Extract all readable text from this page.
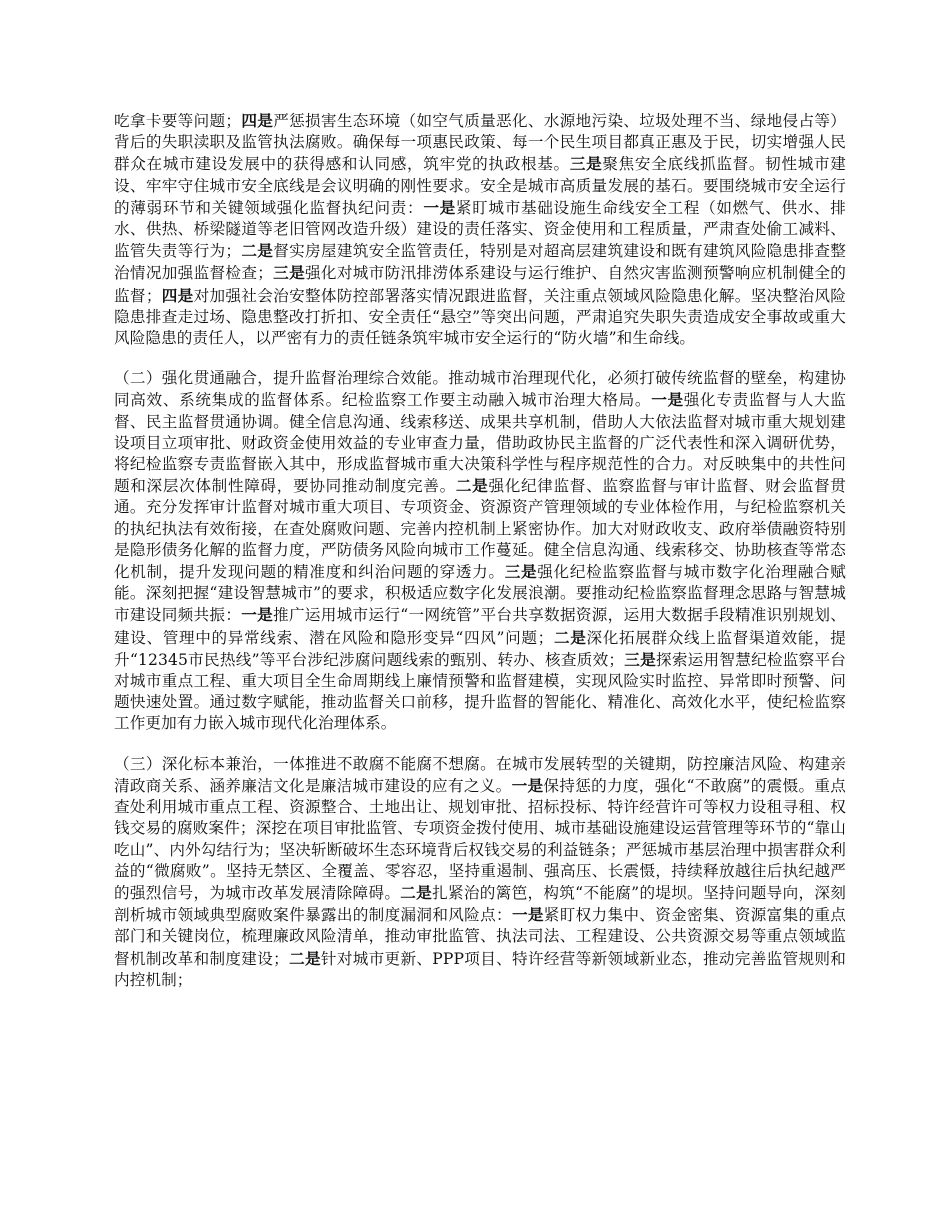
吃拿卡要等问题；四是严惩损害生态环境（如空气质量恶化、水源地污染、垃圾处理不当、绿地侵占等）背后的失职渎职及监管执法腐败。确保每一项惠民政策、每一个民生项目都真正惠及于民，切实增强人民群众在城市建设发展中的获得感和认同感，筑牢党的执政根基。三是聚焦安全底线抓监督。韧性城市建设、牢牢守住城市安全底线是会议明确的刚性要求。安全是城市高质量发展的基石。要围绕城市安全运行的薄弱环节和关键领域强化监督执纪问责：一是紧盯城市基础设施生命线安全工程（如燃气、供水、排水、供热、桥梁隧道等老旧管网改造升级）建设的责任落实、资金使用和工程质量，严肃查处偷工减料、监管失责等行为；二是督实房屋建筑安全监管责任，特别是对超高层建筑建设和既有建筑风险隐患排查整治情况加强监督检查；三是强化对城市防汛排涝体系建设与运行维护、自然灾害监测预警响应机制健全的监督；四是对加强社会治安整体防控部署落实情况跟进监督，关注重点领域风险隐患化解。坚决整治风险隐患排查走过场、隐患整改打折扣、安全责任“悬空”等突出问题，严肃追究失职失责造成安全事故或重大风险隐患的责任人，以严密有力的责任链条筑牢城市安全运行的“防火墙”和生命线。

（二）强化贯通融合，提升监督治理综合效能。推动城市治理现代化，必须打破传统监督的壁垒，构建协同高效、系统集成的监督体系。纪检监察工作要主动融入城市治理大格局。一是强化专责监督与人大监督、民主监督贯通协调。健全信息沟通、线索移送、成果共享机制，借助人大依法监督对城市重大规划建设项目立项审批、财政资金使用效益的专业审查力量，借助政协民主监督的广泛代表性和深入调研优势，将纪检监察专责监督嵌入其中，形成监督城市重大决策科学性与程序规范性的合力。对反映集中的共性问题和深层次体制性障碍，要协同推动制度完善。二是强化纪律监督、监察监督与审计监督、财会监督贯通。充分发挥审计监督对城市重大项目、专项资金、资源资产管理领域的专业体检作用，与纪检监察机关的执纪执法有效衔接，在查处腐败问题、完善内控机制上紧密协作。加大对财政收支、政府举债融资特别是隐形债务化解的监督力度，严防债务风险向城市工作蔓延。健全信息沟通、线索移交、协助核查等常态化机制，提升发现问题的精准度和纠治问题的穿透力。三是强化纪检监察监督与城市数字化治理融合赋能。深刻把握“建设智慧城市”的要求，积极适应数字化发展浪潮。要推动纪检监察监督理念思路与智慧城市建设同频共振：一是推广运用城市运行“一网统管”平台共享数据资源，运用大数据手段精准识别规划、建设、管理中的异常线索、潜在风险和隐形变异“四风”问题；二是深化拓展群众线上监督渠道效能，提升“12345市民热线”等平台涉纪涉腐问题线索的甄别、转办、核查质效；三是探索运用智慧纪检监察平台对城市重点工程、重大项目全生命周期线上廉情预警和监督建模，实现风险实时监控、异常即时预警、问题快速处置。通过数字赋能，推动监督关口前移，提升监督的智能化、精准化、高效化水平，使纪检监察工作更加有力嵌入城市现代化治理体系。

（三）深化标本兼治，一体推进不敢腐不能腐不想腐。在城市发展转型的关键期，防控廉洁风险、构建亲清政商关系、涵养廉洁文化是廉洁城市建设的应有之义。一是保持惩的力度，强化“不敢腐”的震慑。重点查处利用城市重点工程、资源整合、土地出让、规划审批、招标投标、特许经营许可等权力设租寻租、权钱交易的腐败案件；深挖在项目审批监管、专项资金拨付使用、城市基础设施建设运营管理等环节的“靠山吃山”、内外勾结行为；坚决斩断破坏生态环境背后权钱交易的利益链条；严惩城市基层治理中损害群众利益的“微腐败”。坚持无禁区、全覆盖、零容忍，坚持重遏制、强高压、长震慑，持续释放越往后执纪越严的强烈信号，为城市改革发展清除障碍。二是扎紧治的篱笆，构筑“不能腐”的堤坝。坚持问题导向，深刻剖析城市领域典型腐败案件暴露出的制度漏洞和风险点：一是紧盯权力集中、资金密集、资源富集的重点部门和关键岗位，梳理廉政风险清单，推动审批监管、执法司法、工程建设、公共资源交易等重点领域监督机制改革和制度建设；二是针对城市更新、PPP项目、特许经营等新领域新业态，推动完善监管规则和内控机制；
